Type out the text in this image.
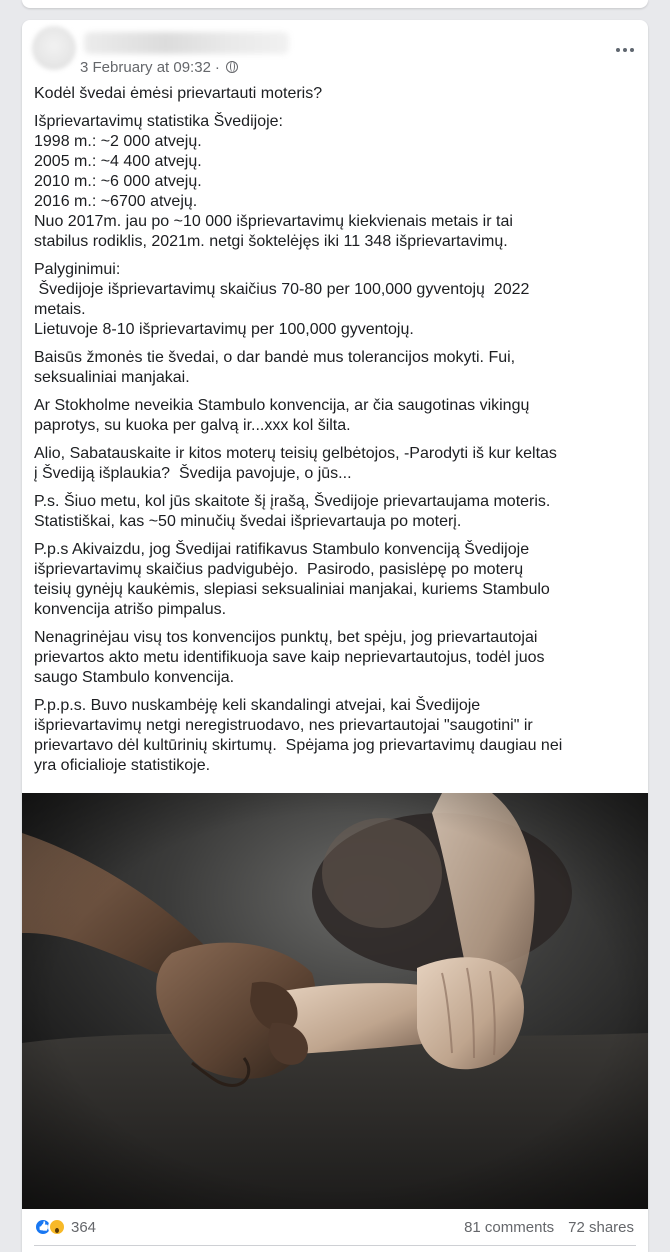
3 February at 09:32 ·

Kodėl švedai ėmėsi prievartauti moteris?

Išprievartavimų statistika Švedijoje:
1998 m.: ~2 000 atvejų.
2005 m.: ~4 400 atvejų.
2010 m.: ~6 000 atvejų.
2016 m.: ~6700 atvejų.
Nuo 2017m. jau po ~10 000 išprievartavimų kiekvienais metais ir tai
stabilus rodiklis, 2021m. netgi šoktelėjęs iki 11 348 išprievartavimų.

Palyginimui:
Švedijoje išprievartavimų skaičius 70-80 per 100,000 gyventojų  2022
metais.
Lietuvoje 8-10 išprievartavimų per 100,000 gyventojų.

Baisūs žmonės tie švedai, o dar bandė mus tolerancijos mokyti. Fui,
seksualiniai manjakai.

Ar Stokholme neveikia Stambulo konvencija, ar čia saugotinas vikingų
paprotys, su kuoka per galvą ir...xxx kol šilta.

Alio, Sabatauskaite ir kitos moterų teisių gelbėtojos, -Parodyti iš kur keltas
į Švediją išplaukia?  Švedija pavojuje, o jūs...

P.s. Šiuo metu, kol jūs skaitote šį įrašą, Švedijoje prievartaujama moteris.
Statistiškai, kas ~50 minučių švedai išprievartauja po moterį.

P.p.s Akivaizdu, jog Švedijai ratifikavus Stambulo konvenciją Švedijoje
išprievartavimų skaičius padvigubėjo.  Pasirodo, pasislėpę po moterų
teisių gynėjų kaukėmis, slepiasi seksualiniai manjakai, kuriems Stambulo
konvencija atrišo pimpalus.

Nenagrinėjau visų tos konvencijos punktų, bet spėju, jog prievartautojai
prievartos akto metu identifikuoja save kaip neprievartautojus, todėl juos
saugo Stambulo konvencija.

P.p.p.s. Buvo nuskambėję keli skandalingi atvejai, kai Švedijoje
išprievartavimų netgi neregistruodavo, nes prievartautojai "saugotini" ir
prievartavo dėl kultūrinių skirtumų.  Spėjama jog prievartavimų daugiau nei
yra oficialioje statistikoje.

👍
364	81 comments 72 shares
